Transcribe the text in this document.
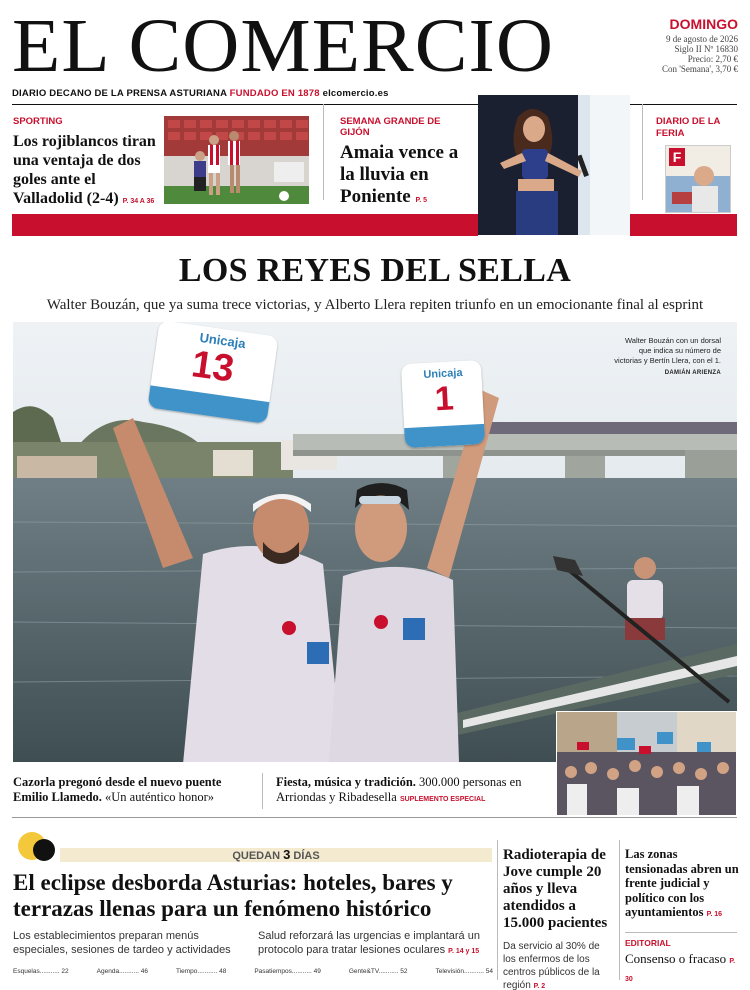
EL COMERCIO	DOMINGO
9 de agosto de 2026
Siglo II Nº 16830
Precio: 2,70 €
Con 'Semana', 3,70 €
DIARIO DECANO DE LA PRENSA ASTURIANA FUNDADO EN 1878 elcomercio.es
SPORTING
Los rojiblancos tiran una ventaja de dos goles ante el Valladolid (2-4) P. 34 A 36
SEMANA GRANDE DE GIJÓN
Amaia vence a la lluvia en Poniente P. 5
DIARIO DE LA FERIA
F
LOS REYES DEL SELLA
Walter Bouzán, que ya suma trece victorias, y Alberto Llera repiten triunfo en un emocionante final al esprint
Unicaja
13	Unicaja
1
Walter Bouzán con un dorsal que indica su número de victorias y Bertín Llera, con el 1.
DAMIÁN ARIENZA
Cazorla pregonó desde el nuevo puente Emilio Llamedo. «Un auténtico honor»
Fiesta, música y tradición. 300.000 personas en Arriondas y Ribadesella SUPLEMENTO ESPECIAL
QUEDAN 3 DÍAS
El eclipse desborda Asturias: hoteles, bares y terrazas llenas para un fenómeno histórico
Los establecimientos preparan menús especiales, sesiones de tardeo y actividades
Salud reforzará las urgencias e implantará un protocolo para tratar lesiones oculares P. 14 y 15
Esquelas........... 22	Agenda........... 46	Tiempo........... 48	Pasatiempos........... 49	Gente&TV........... 52	Televisión........... 54
Radioterapia de Jove cumple 20 años y lleva atendidos a 15.000 pacientes
Da servicio al 30% de los enfermos de los centros públicos de la región P. 2
Las zonas tensionadas abren un frente judicial y político con los ayuntamientos P. 16
EDITORIAL
Consenso o fracaso P. 30
